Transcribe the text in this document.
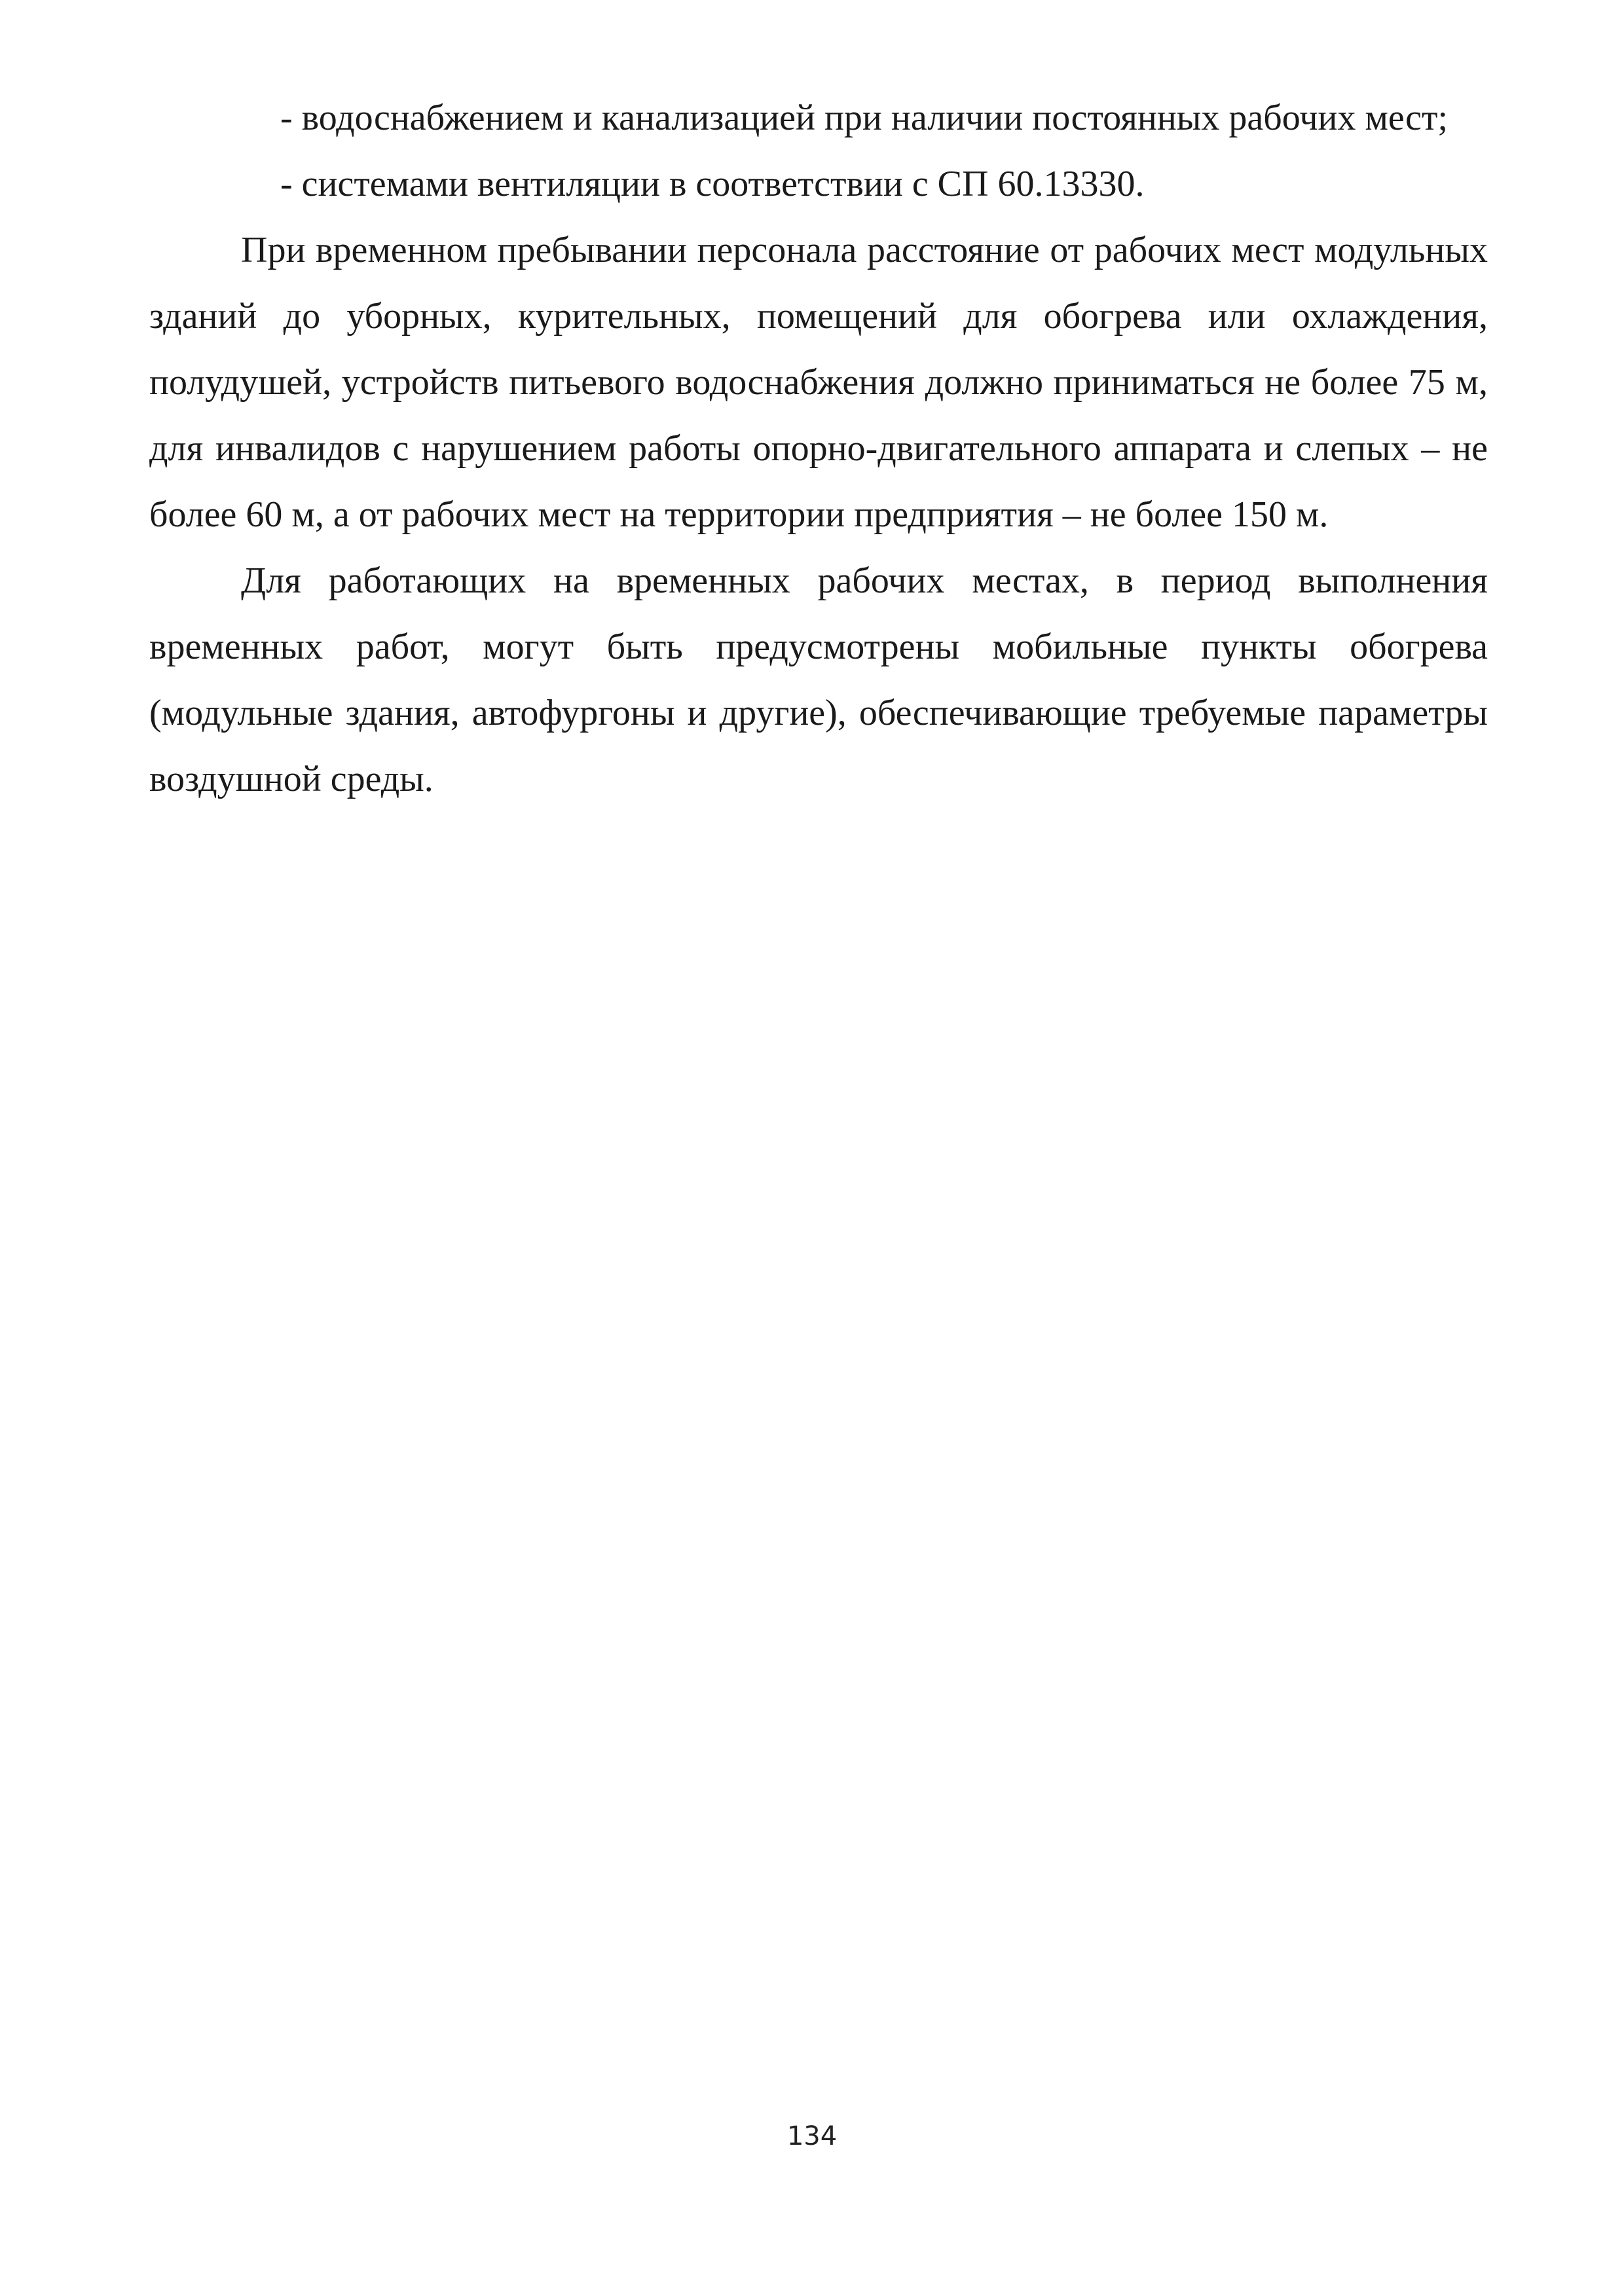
- водоснабжением и канализацией при наличии постоянных рабочих мест;

- системами вентиляции в соответствии с СП 60.13330.

При временном пребывании персонала расстояние от рабочих мест модульных зданий до уборных, курительных, помещений для обогрева или охлаждения, полудушей, устройств питьевого водоснабжения должно приниматься не более 75 м, для инвалидов с нарушением работы опорно-двигательного аппарата и слепых – не более 60 м, а от рабочих мест на территории предприятия – не более 150 м.

Для работающих на временных рабочих местах, в период выполнения временных работ, могут быть предусмотрены мобильные пункты обогрева (модульные здания, автофургоны и другие), обеспечивающие требуемые параметры воздушной среды.

134
